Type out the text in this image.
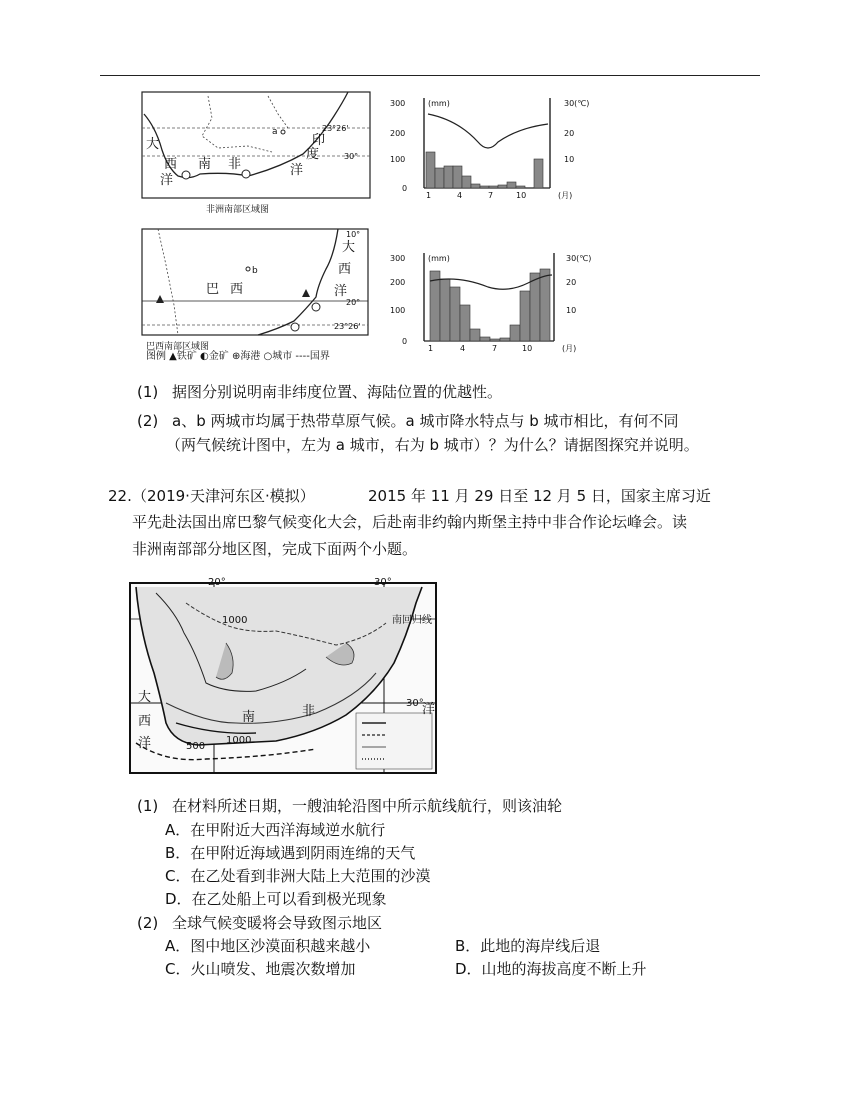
a	23°26'
30°
大
西
洋
南 非
印
度
洋
非洲南部区域图
300
200
100
0
(mm)	30(℃)
20
10
1	4	7	10	(月)
b
巴 西
大
西
洋
10°
20°
23°26'
巴西南部区域图
300
200
100
0
(mm)	30(℃)
20
10
1	4	7	10	(月)
图例 ▲铁矿 ◐金矿 ⊕海港 ○城市 ----国界
(1) 据图分别说明南非纬度位置、海陆位置的优越性。
(2) a、b 两城市均属于热带草原气候。a 城市降水特点与 b 城市相比，有何不同
（两气候统计图中，左为 a 城市，右为 b 城市）？为什么？请据图探究并说明。
22. （2019·天津河东区·模拟）	2015 年 11 月 29 日至 12 月 5 日，国家主席习近
平先赴法国出席巴黎气候变化大会，后赴南非约翰内斯堡主持中非合作论坛峰会。读
非洲南部部分地区图，完成下面两个小题。
20°	30°
南回归线
30°
1000
1000
500
大
西
洋
洋
南	非
(1) 在材料所述日期，一艘油轮沿图中所示航线航行，则该油轮
A．在甲附近大西洋海域逆水航行
B．在甲附近海域遇到阴雨连绵的天气
C．在乙处看到非洲大陆上大范围的沙漠
D．在乙处船上可以看到极光现象
(2) 全球气候变暖将会导致图示地区
A．图中地区沙漠面积越来越小	B．此地的海岸线后退
C．火山喷发、地震次数增加	D．山地的海拔高度不断上升
